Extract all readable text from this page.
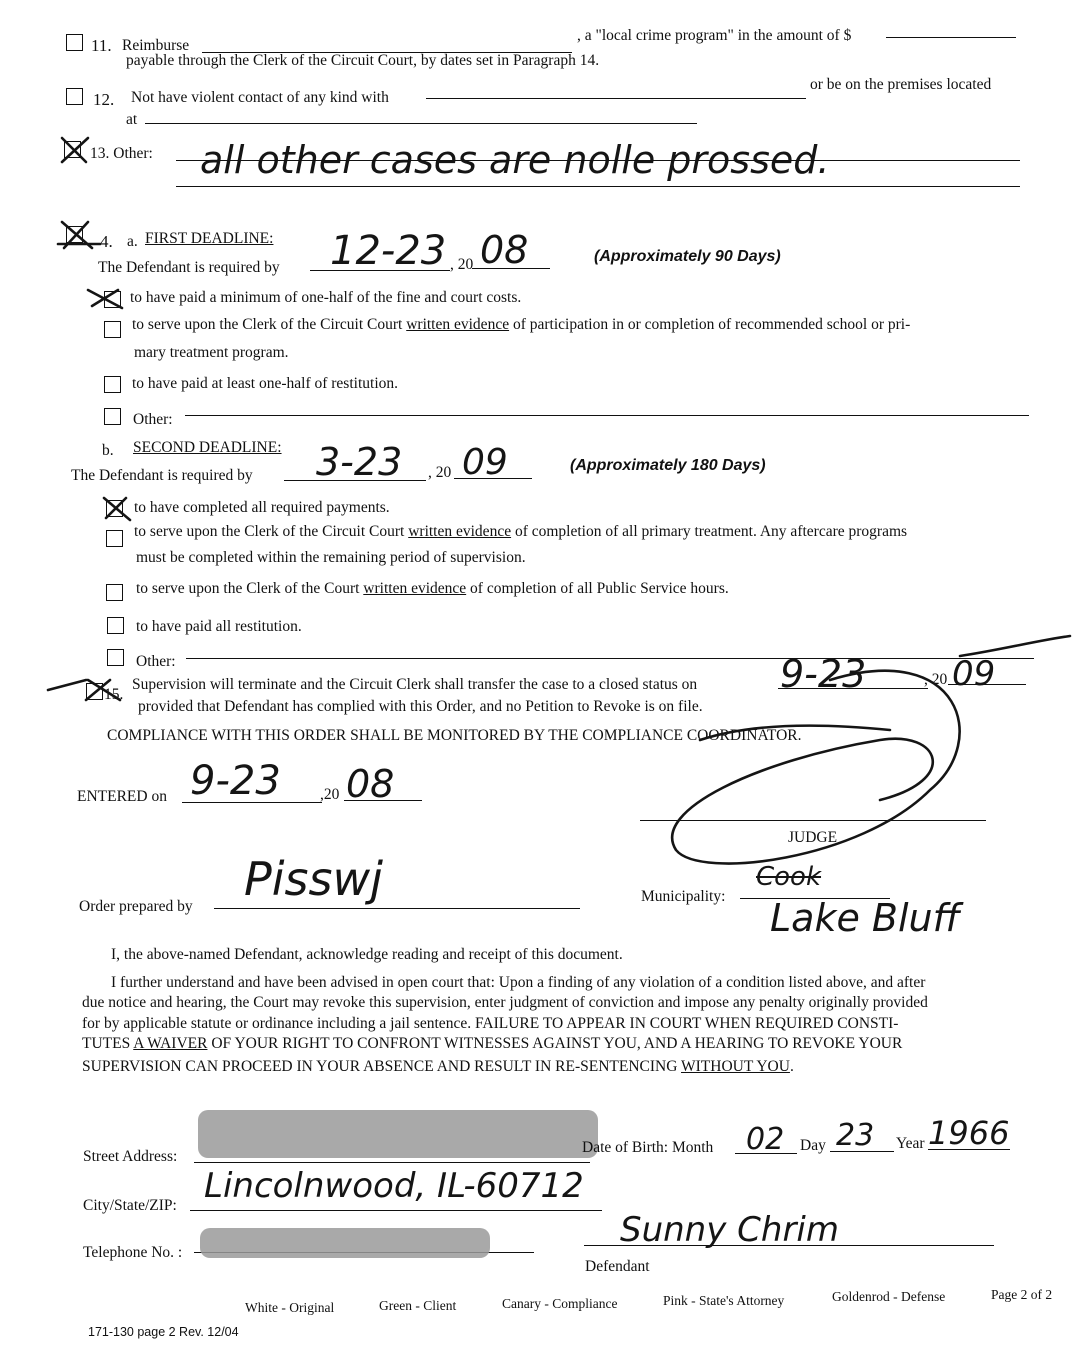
11. Reimburse
, a "local crime program" in the amount of $
payable through the Clerk of the Circuit Court, by dates set in Paragraph 14.
12. Not have violent contact of any kind with
or be on the premises located
at
13. Other: all other cases are nolle prossed.
4. a. FIRST DEADLINE:
The Defendant is required by 12-23 , 20 08	(Approximately 90 Days)
to have paid a minimum of one-half of the fine and court costs.
to serve upon the Clerk of the Circuit Court written evidence of participation in or completion of recommended school or pri-
mary treatment program.
to have paid at least one-half of restitution.
Other:
b. SECOND DEADLINE:
The Defendant is required by 3-23 , 20 09	(Approximately 180 Days)
to have completed all required payments.
to serve upon the Clerk of the Circuit Court written evidence of completion of all primary treatment. Any aftercare programs
must be completed within the remaining period of supervision.
to serve upon the Clerk of the Court written evidence of completion of all Public Service hours.
to have paid all restitution.
Other:
15.
Supervision will terminate and the Circuit Clerk shall transfer the case to a closed status on 9-23	, 20 09
provided that Defendant has complied with this Order, and no Petition to Revoke is on file.
COMPLIANCE WITH THIS ORDER SHALL BE MONITORED BY THE COMPLIANCE COORDINATOR.
ENTERED on 9-23	,20 08
JUDGE
Order prepared by
Pisswj	Municipality:
Cook
Lake Bluff
I, the above-named Defendant, acknowledge reading and receipt of this document.
I further understand and have been advised in open court that: Upon a finding of any violation of a condition listed above, and after
due notice and hearing, the Court may revoke this supervision, enter judgment of conviction and impose any penalty originally provided
for by applicable statute or ordinance including a jail sentence. FAILURE TO APPEAR IN COURT WHEN REQUIRED CONSTI-
TUTES A WAIVER OF YOUR RIGHT TO CONFRONT WITNESSES AGAINST YOU, AND A HEARING TO REVOKE YOUR
SUPERVISION CAN PROCEED IN YOUR ABSENCE AND RESULT IN RE-SENTENCING WITHOUT YOU.
Street Address:
Date of Birth: Month 02 Day 23 Year 1966
City/State/ZIP: Lincolnwood, IL-60712
Telephone No. :
Sunny Chrim
Defendant
White - Original	Green - Client	Canary - Compliance	Pink - State's Attorney	Goldenrod - Defense	Page 2 of 2
171-130 page 2 Rev. 12/04
